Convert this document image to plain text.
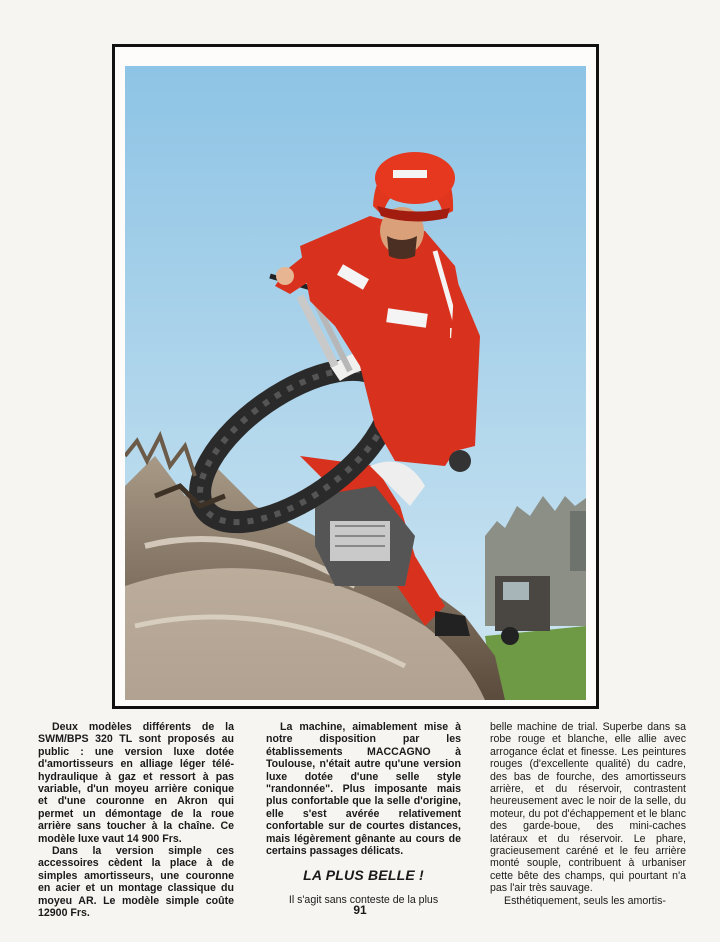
Deux modèles différents de la SWM/BPS 320 TL sont proposés au public : une version luxe dotée d'amortisseurs en alliage léger télé-hydraulique à gaz et ressort à pas variable, d'un moyeu arrière conique et d'une couronne en Akron qui permet un démontage de la roue arrière sans toucher à la chaîne. Ce modèle luxe vaut 14 900 Frs.

Dans la version simple ces accessoires cèdent la place à de simples amortisseurs, une couronne en acier et un montage classique du moyeu AR. Le modèle simple coûte 12900 Frs.

La machine, aimablement mise à notre disposition par les établissements MACCAGNO à Toulouse, n'était autre qu'une version luxe dotée d'une selle style "randonnée". Plus imposante mais plus confortable que la selle d'origine, elle s'est avérée relativement confortable sur de courtes distances, mais légèrement gênante au cours de certains passages délicats.

LA PLUS BELLE !

Il s'agit sans conteste de la plus

belle machine de trial. Superbe dans sa robe rouge et blanche, elle allie avec arrogance éclat et finesse. Les peintures rouges (d'excellente qualité) du cadre, des bas de fourche, des amortisseurs arrière, et du réservoir, contrastent heureusement avec le noir de la selle, du moteur, du pot d'échappement et le blanc des garde-boue, des mini-caches latéraux et du réservoir. Le phare, gracieusement caréné et le feu arrière monté souple, contribuent à urbaniser cette bête des champs, qui pourtant n'a pas l'air très sauvage.

Esthétiquement, seuls les amortis-

91
